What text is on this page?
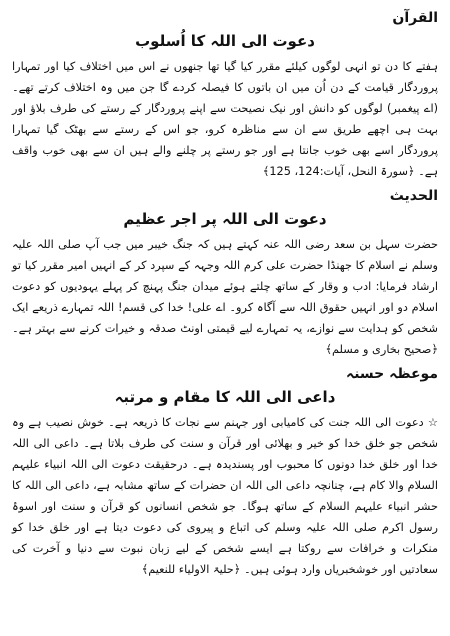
القرآن
دعوت الی اللہ کا اُسلوب

ہفتے کا دن تو انہی لوگوں کیلئے مقرر کیا گیا تھا جنھوں نے اس میں اختلاف کیا اور تمہارا پروردگار قیامت کے دن اُن میں ان باتوں کا فیصلہ کردے گا جن میں وہ اختلاف کرتے تھے۔ (اے پیغمبر) لوگوں کو دانش اور نیک نصیحت سے اپنے پروردگار کے رستے کی طرف بلاؤ اور بہت ہی اچھے طریق سے ان سے مناظرہ کرو، جو اس کے رستے سے بھٹک گیا تمہارا پروردگار اسے بھی خوب جانتا ہے اور جو رستے پر چلنے والے ہیں ان سے بھی خوب واقف ہے۔ ﴿سورۃ النحل، آیات:124، 125﴾

الحدیث
دعوت الی اللہ پر اجر عظیم

حضرت سہل بن سعد رضی اللہ عنہ کہتے ہیں کہ جنگ خیبر میں جب آپ صلی اللہ علیہ وسلم نے اسلام کا جھنڈا حضرت علی کرم اللہ وجہہ کے سپرد کر کے انہیں امیر مقرر کیا تو ارشاد فرمایا: ادب و وقار کے ساتھ چلتے ہوئے میدان جنگ پہنچ کر پہلے یہودیوں کو دعوت اسلام دو اور انہیں حقوق اللہ سے آگاہ کرو۔ اے علی! خدا کی قسم! اللہ تمہارے ذریعے ایک شخص کو ہدایت سے نوازے، یہ تمہارے لیے قیمتی اونٹ صدقہ و خیرات کرنے سے بہتر ہے۔ ﴿صحیح بخاری و مسلم﴾

موعظہ حسنہ
داعی الی اللہ کا مقام و مرتبہ

☆ دعوت الی اللہ جنت کی کامیابی اور جہنم سے نجات کا ذریعہ ہے۔ خوش نصیب ہے وہ شخص جو خلق خدا کو خیر و بھلائی اور قرآن و سنت کی طرف بلاتا ہے۔ داعی الی اللہ خدا اور خلق خدا دونوں کا محبوب اور پسندیدہ ہے۔ درحقیقت دعوت الی اللہ انبیاء علیہم السلام والا کام ہے، چنانچہ داعی الی اللہ ان حضرات کے ساتھ مشابہ ہے، داعی الی اللہ کا حشر انبیاء علیہم السلام کے ساتھ ہوگا۔ جو شخص انسانوں کو قرآن و سنت اور اسوۂ رسول اکرم صلی اللہ علیہ وسلم کی اتباع و پیروی کی دعوت دیتا ہے اور خلق خدا کو منکرات و خرافات سے روکتا ہے ایسے شخص کے لیے زبان نبوت سے دنیا و آخرت کی سعادتیں اور خوشخبریاں وارد ہوئی ہیں۔ ﴿حلیۃ الاولیاء للنعیم﴾
